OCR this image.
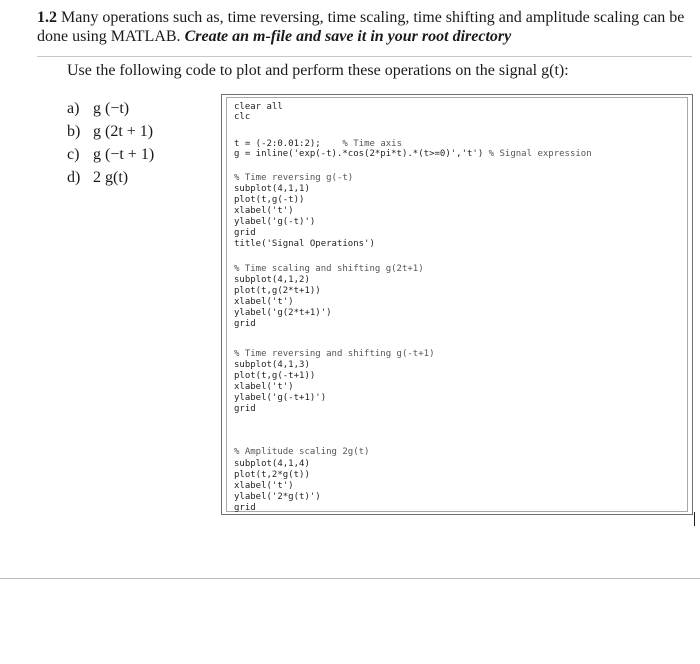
1.2 Many operations such as, time reversing, time scaling, time shifting and amplitude scaling can be done using MATLAB. Create an m-file and save it in your root directory
Use the following code to plot and perform these operations on the signal g(t):
a) g (−t)
b) g (2t + 1)
c) g (−t + 1)
d) 2 g(t)
clear all
clc
t = (-2:0.01:2); % Time axis
g = inline('exp(-t).*cos(2*pi*t).*(t>=0)','t') % Signal expression
% Time reversing g(-t)
subplot(4,1,1)
plot(t,g(-t))
xlabel('t')
ylabel('g(-t)')
grid
title('Signal Operations')
% Time scaling and shifting g(2t+1)
subplot(4,1,2)
plot(t,g(2*t+1))
xlabel('t')
ylabel('g(2*t+1)')
grid
% Time reversing and shifting g(-t+1)
subplot(4,1,3)
plot(t,g(-t+1))
xlabel('t')
ylabel('g(-t+1)')
grid
% Amplitude scaling 2g(t)
subplot(4,1,4)
plot(t,2*g(t))
xlabel('t')
ylabel('2*g(t)')
grid
